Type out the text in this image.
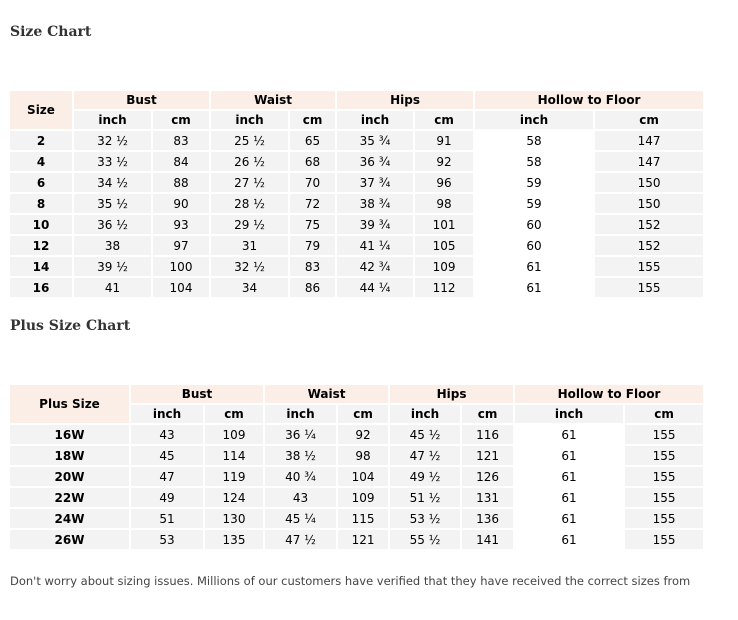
Size Chart
Size	Bust		Waist		Hips		Hollow to Floor	
	inch	cm	inch	cm	inch	cm	inch	cm
2	32 ½	83	25 ½	65	35 ¾	91	58	147
4	33 ½	84	26 ½	68	36 ¾	92	58	147
6	34 ½	88	27 ½	70	37 ¾	96	59	150
8	35 ½	90	28 ½	72	38 ¾	98	59	150
10	36 ½	93	29 ½	75	39 ¾	101	60	152
12	38	97	31	79	41 ¼	105	60	152
14	39 ½	100	32 ½	83	42 ¾	109	61	155
16	41	104	34	86	44 ¼	112	61	155
Plus Size Chart
Plus Size	Bust		Waist		Hips		Hollow to Floor	
	inch	cm	inch	cm	inch	cm	inch	cm
16W	43	109	36 ¼	92	45 ½	116	61	155
18W	45	114	38 ½	98	47 ½	121	61	155
20W	47	119	40 ¾	104	49 ½	126	61	155
22W	49	124	43	109	51 ½	131	61	155
24W	51	130	45 ¼	115	53 ½	136	61	155
26W	53	135	47 ½	121	55 ½	141	61	155

Don't worry about sizing issues. Millions of our customers have verified that they have received the correct sizes from
